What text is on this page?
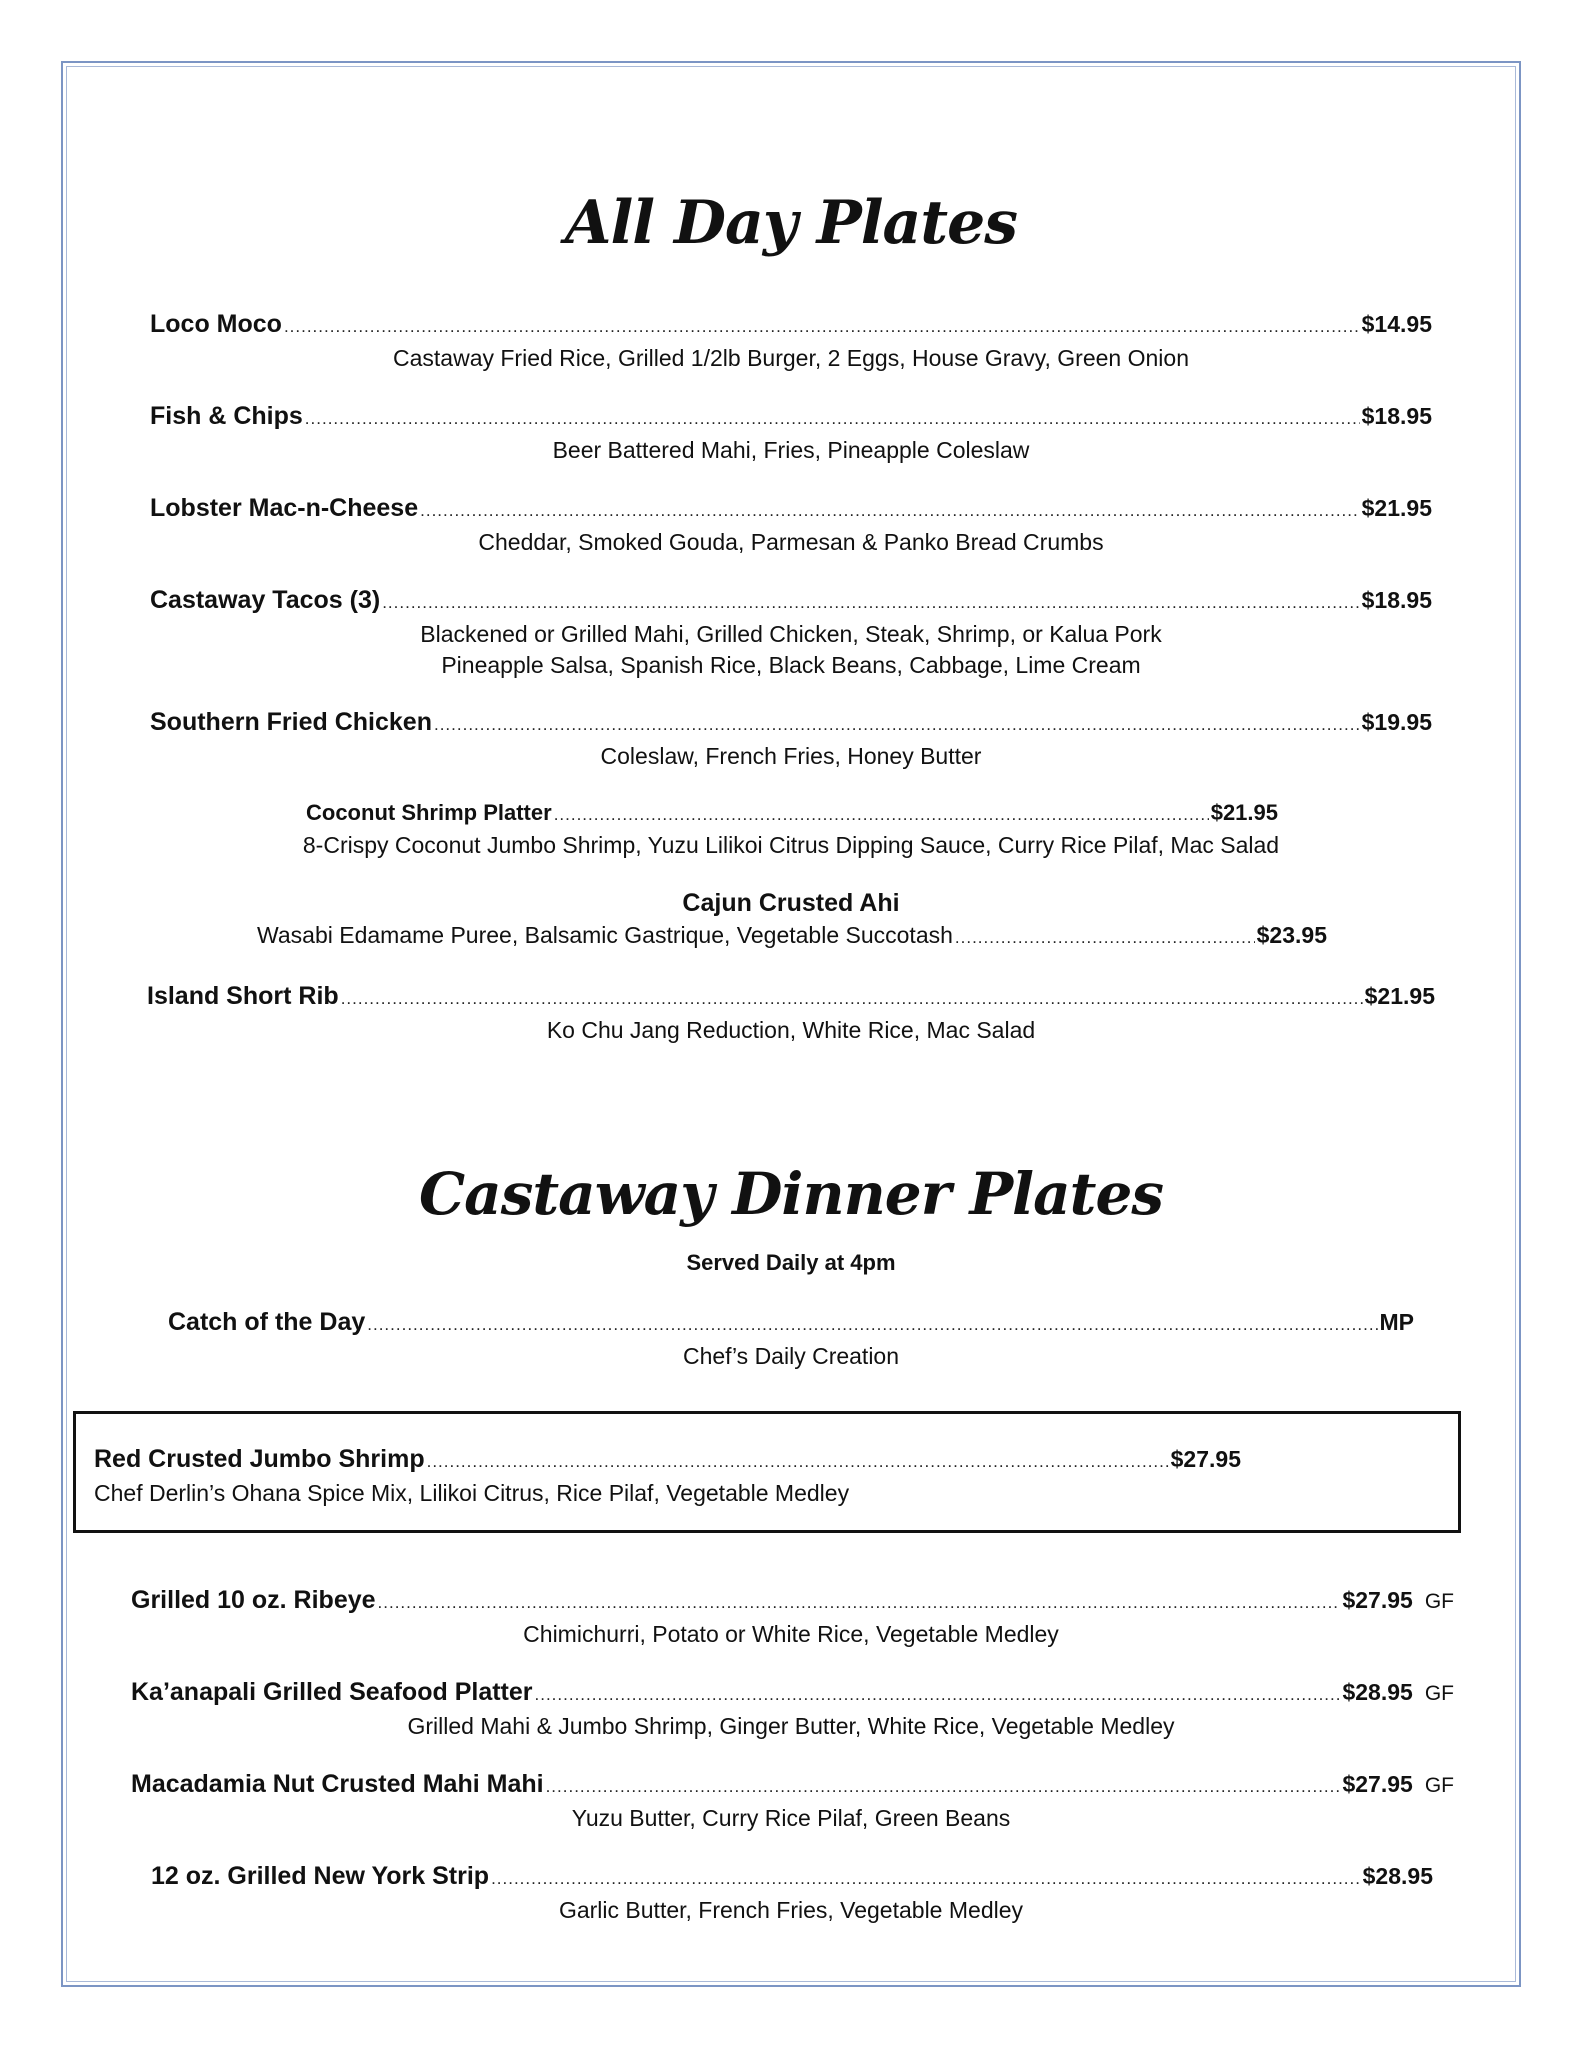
All Day Plates
Loco Moco .....	$14.95
Castaway Fried Rice, Grilled 1/2lb Burger, 2 Eggs, House Gravy, Green Onion
Fish & Chips .....	$18.95
Beer Battered Mahi, Fries, Pineapple Coleslaw
Lobster Mac-n-Cheese .....	$21.95
Cheddar, Smoked Gouda, Parmesan & Panko Bread Crumbs
Castaway Tacos (3) .....	$18.95
Blackened or Grilled Mahi, Grilled Chicken, Steak, Shrimp, or Kalua Pork
Pineapple Salsa, Spanish Rice, Black Beans, Cabbage, Lime Cream
Southern Fried Chicken .....	$19.95
Coleslaw, French Fries, Honey Butter
Coconut Shrimp Platter .....	$21.95
8-Crispy Coconut Jumbo Shrimp, Yuzu Lilikoi Citrus Dipping Sauce, Curry Rice Pilaf, Mac Salad
Cajun Crusted Ahi
Wasabi Edamame Puree, Balsamic Gastrique, Vegetable Succotash .....	$23.95
Island Short Rib .....	$21.95
Ko Chu Jang Reduction, White Rice, Mac Salad
Castaway Dinner Plates
Served Daily at 4pm
Catch of the Day .....	MP
Chef’s Daily Creation
Red Crusted Jumbo Shrimp .....	$27.95
Chef Derlin’s Ohana Spice Mix, Lilikoi Citrus, Rice Pilaf, Vegetable Medley
Grilled 10 oz. Ribeye .....	$27.95 GF
Chimichurri, Potato or White Rice, Vegetable Medley
Ka’anapali Grilled Seafood Platter .....	$28.95 GF
Grilled Mahi & Jumbo Shrimp, Ginger Butter, White Rice, Vegetable Medley
Macadamia Nut Crusted Mahi Mahi .....	$27.95 GF
Yuzu Butter, Curry Rice Pilaf, Green Beans
12 oz. Grilled New York Strip .....	$28.95
Garlic Butter, French Fries, Vegetable Medley
